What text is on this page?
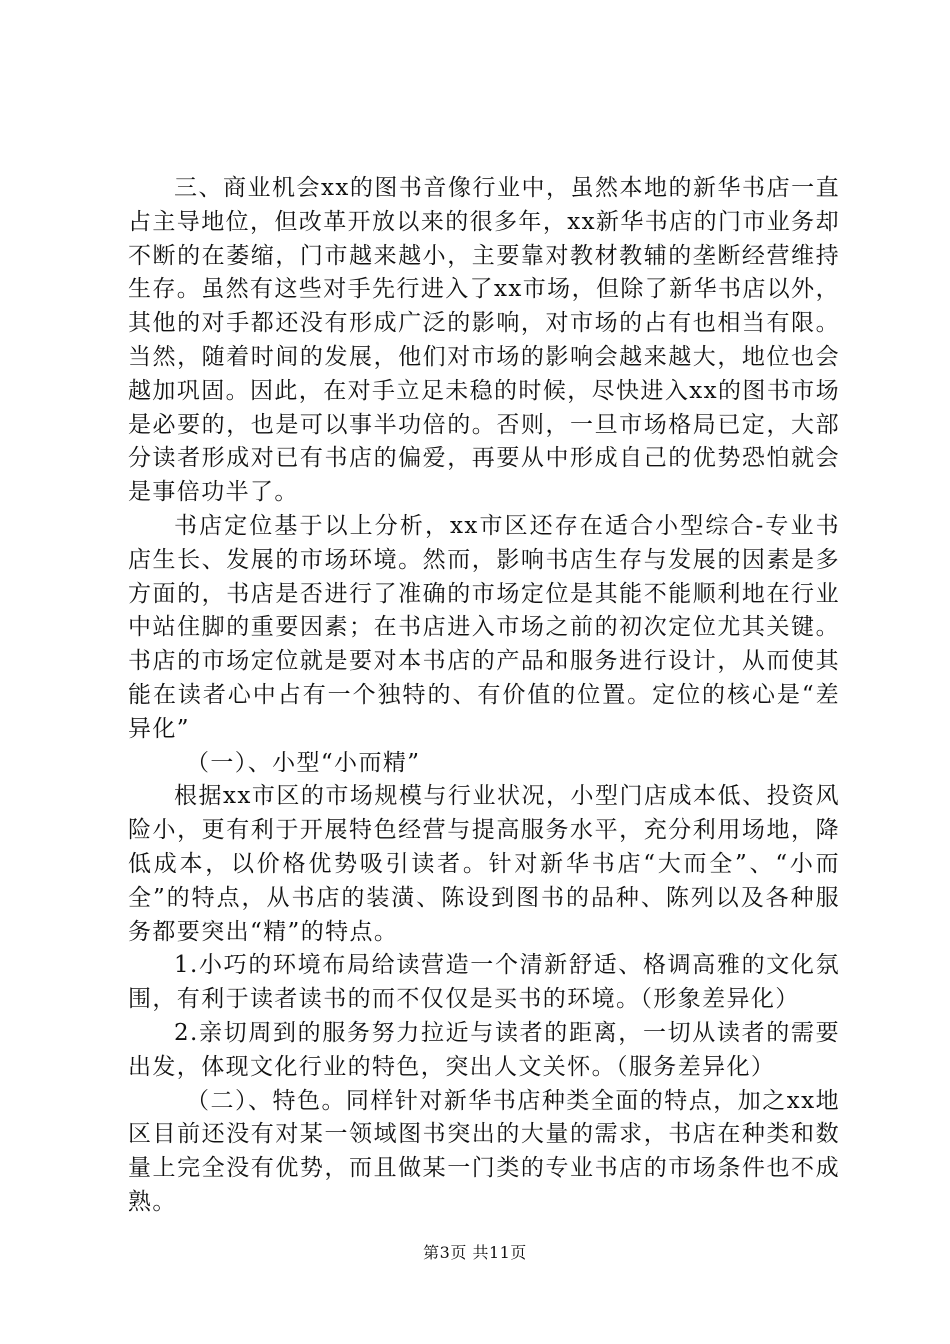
三、商业机会xx的图书音像行业中，虽然本地的新华书店一直占主导地位，但改革开放以来的很多年，xx新华书店的门市业务却不断的在萎缩，门市越来越小，主要靠对教材教辅的垄断经营维持生存。虽然有这些对手先行进入了xx市场，但除了新华书店以外，其他的对手都还没有形成广泛的影响，对市场的占有也相当有限。当然，随着时间的发展，他们对市场的影响会越来越大，地位也会越加巩固。因此，在对手立足未稳的时候，尽快进入xx的图书市场是必要的，也是可以事半功倍的。否则，一旦市场格局已定，大部分读者形成对已有书店的偏爱，再要从中形成自己的优势恐怕就会是事倍功半了。

书店定位基于以上分析，xx市区还存在适合小型综合-专业书店生长、发展的市场环境。然而，影响书店生存与发展的因素是多方面的，书店是否进行了准确的市场定位是其能不能顺利地在行业中站住脚的重要因素；在书店进入市场之前的初次定位尤其关键。书店的市场定位就是要对本书店的产品和服务进行设计，从而使其能在读者心中占有一个独特的、有价值的位置。定位的核心是“差异化”

（一）、小型“小而精”

根据xx市区的市场规模与行业状况，小型门店成本低、投资风险小，更有利于开展特色经营与提高服务水平，充分利用场地，降低成本，以价格优势吸引读者。针对新华书店“大而全”、“小而全”的特点，从书店的装潢、陈设到图书的品种、陈列以及各种服务都要突出“精”的特点。

1.小巧的环境布局给读营造一个清新舒适、格调高雅的文化氛围，有利于读者读书的而不仅仅是买书的环境。（形象差异化）

2.亲切周到的服务努力拉近与读者的距离，一切从读者的需要出发，体现文化行业的特色，突出人文关怀。（服务差异化）

（二）、特色。同样针对新华书店种类全面的特点，加之xx地区目前还没有对某一领域图书突出的大量的需求，书店在种类和数量上完全没有优势，而且做某一门类的专业书店的市场条件也不成熟。

第3页 共11页
